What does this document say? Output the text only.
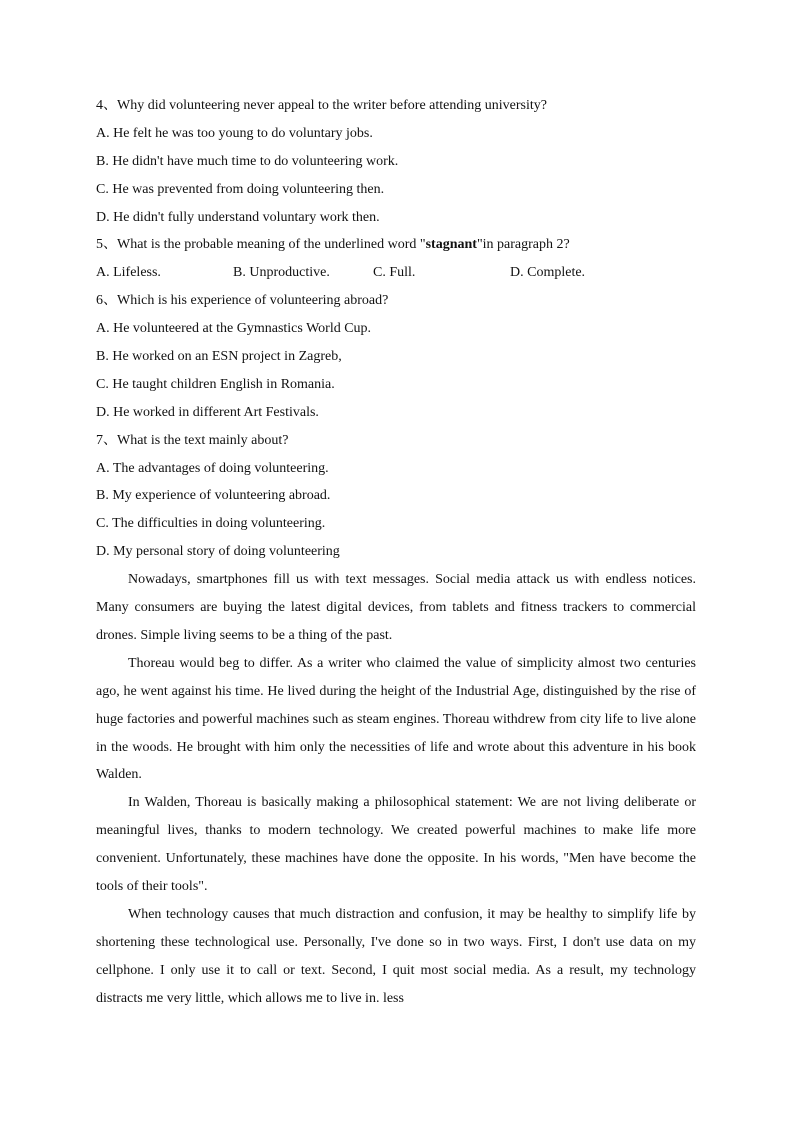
4、Why did volunteering never appeal to the writer before attending university?
A. He felt he was too young to do voluntary jobs.
B. He didn't have much time to do volunteering work.
C. He was prevented from doing volunteering then.
D. He didn't fully understand voluntary work then.
5、What is the probable meaning of the underlined word "stagnant"in paragraph 2?
A. Lifeless.	B. Unproductive.	C. Full.	D. Complete.
6、Which is his experience of volunteering abroad?
A. He volunteered at the Gymnastics World Cup.
B. He worked on an ESN project in Zagreb,
C. He taught children English in Romania.
D. He worked in different Art Festivals.
7、What is the text mainly about?
A. The advantages of doing volunteering.
B. My experience of volunteering abroad.
C. The difficulties in doing volunteering.
D. My personal story of doing volunteering

Nowadays, smartphones fill us with text messages. Social media attack us with endless notices. Many consumers are buying the latest digital devices, from tablets and fitness trackers to commercial drones. Simple living seems to be a thing of the past.

Thoreau would beg to differ. As a writer who claimed the value of simplicity almost two centuries ago, he went against his time. He lived during the height of the Industrial Age, distinguished by the rise of huge factories and powerful machines such as steam engines. Thoreau withdrew from city life to live alone in the woods. He brought with him only the necessities of life and wrote about this adventure in his book Walden.

In Walden, Thoreau is basically making a philosophical statement: We are not living deliberate or meaningful lives, thanks to modern technology. We created powerful machines to make life more convenient. Unfortunately, these machines have done the opposite. In his words, "Men have become the tools of their tools".

When technology causes that much distraction and confusion, it may be healthy to simplify life by shortening these technological use. Personally, I've done so in two ways. First, I don't use data on my cellphone. I only use it to call or text. Second, I quit most social media. As a result, my technology distracts me very little, which allows me to live in. less
